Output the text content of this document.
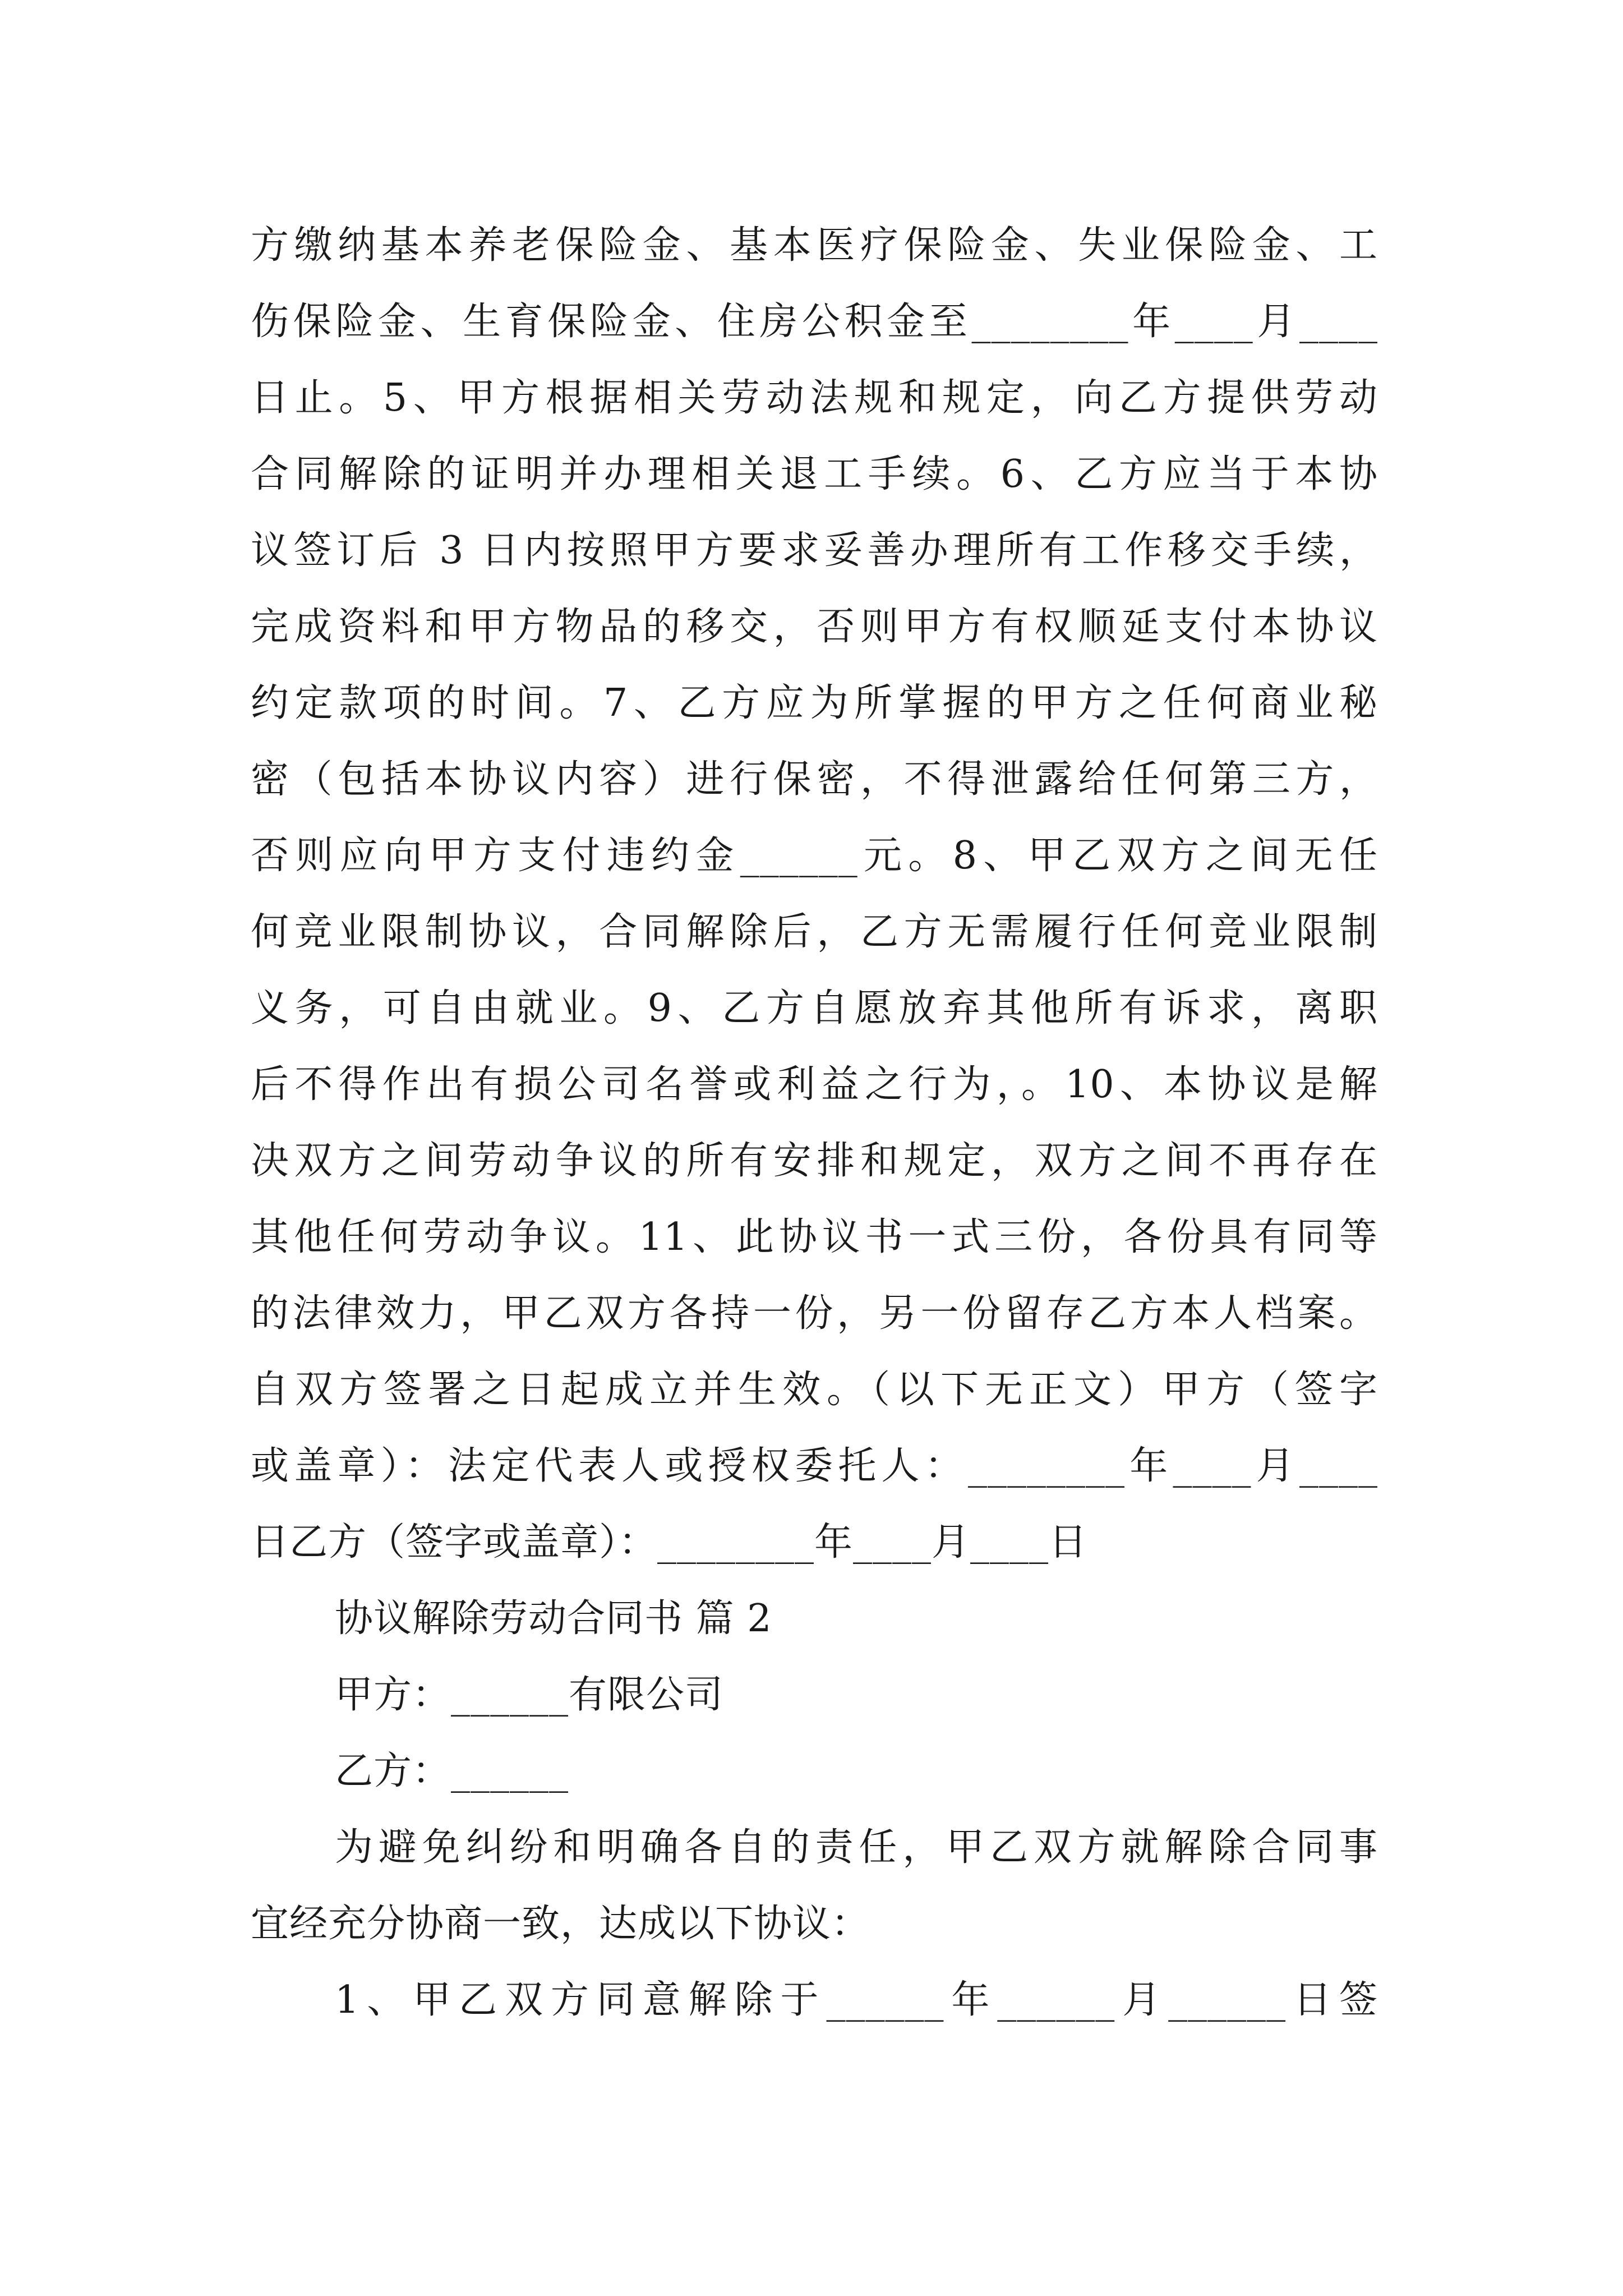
方缴纳基本养老保险金、基本医疗保险金、失业保险金、工
伤保险金、生育保险金、住房公积金至________年____月____
日止。5、甲方根据相关劳动法规和规定，向乙方提供劳动
合同解除的证明并办理相关退工手续。6、乙方应当于本协
议签订后 3 日内按照甲方要求妥善办理所有工作移交手续，
完成资料和甲方物品的移交，否则甲方有权顺延支付本协议
约定款项的时间。7、乙方应为所掌握的甲方之任何商业秘
密（包括本协议内容）进行保密，不得泄露给任何第三方，
否则应向甲方支付违约金______元。8、甲乙双方之间无任
何竞业限制协议，合同解除后，乙方无需履行任何竞业限制
义务，可自由就业。9、乙方自愿放弃其他所有诉求，离职
后不得作出有损公司名誉或利益之行为，。10、本协议是解
决双方之间劳动争议的所有安排和规定，双方之间不再存在
其他任何劳动争议。11、此协议书一式三份，各份具有同等
的法律效力，甲乙双方各持一份，另一份留存乙方本人档案。
自双方签署之日起成立并生效。（以下无正文）甲方（签字
或盖章）：法定代表人或授权委托人：________年____月____
日乙方（签字或盖章）：________年____月____日
协议解除劳动合同书 篇 2
甲方：______有限公司
乙方：______
为避免纠纷和明确各自的责任，甲乙双方就解除合同事
宜经充分协商一致，达成以下协议：
1、甲乙双方同意解除于______年______月______日签
